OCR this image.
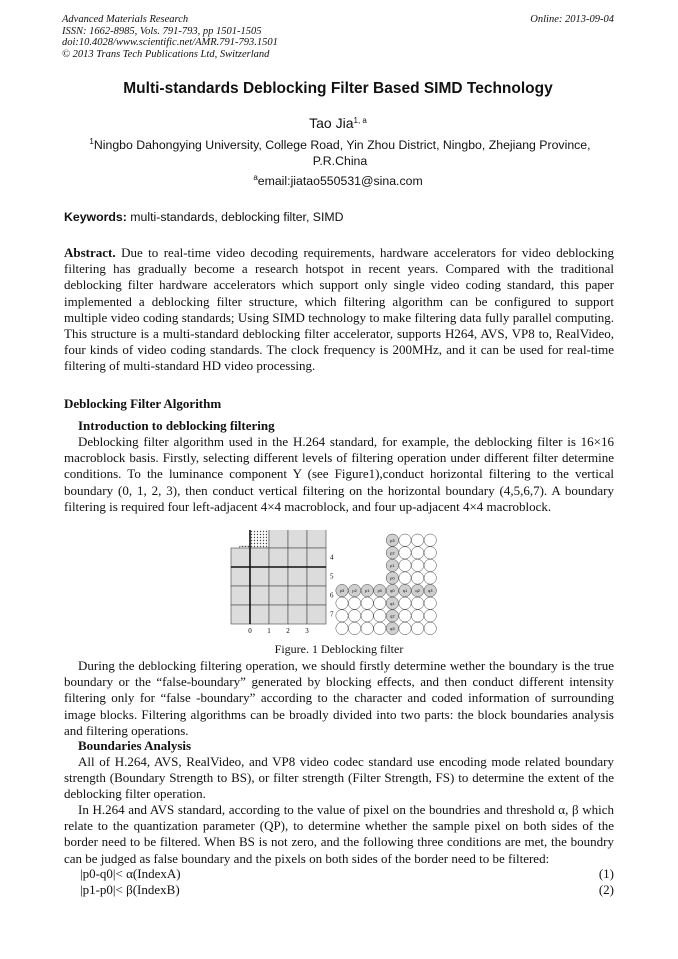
Advanced Materials Research
ISSN: 1662-8985, Vols. 791-793, pp 1501-1505
doi:10.4028/www.scientific.net/AMR.791-793.1501
© 2013 Trans Tech Publications Ltd, Switzerland
Online: 2013-09-04
Multi-standards Deblocking Filter Based SIMD Technology
Tao Jia$^{1, a}$
$^1$Ningbo Dahongying University, College Road, Yin Zhou District, Ningbo, Zhejiang Province,
P.R.China
$^a$email:jiatao550531@sina.com
Keywords: multi-standards, deblocking filter, SIMD

Abstract. Due to real-time video decoding requirements, hardware accelerators for video deblocking filtering has gradually become a research hotspot in recent years. Compared with the traditional deblocking filter hardware accelerators which support only single video coding standard, this paper implemented a deblocking filter structure, which filtering algorithm can be configured to support multiple video coding standards; Using SIMD technology to make filtering data fully parallel computing. This structure is a multi-standard deblocking filter accelerator, supports H264, AVS, VP8 to, RealVideo, four kinds of video coding standards. The clock frequency is 200MHz, and it can be used for real-time filtering of multi-standard HD video processing.

Deblocking Filter Algorithm

Introduction to deblocking filtering

Deblocking filter algorithm used in the H.264 standard, for example, the deblocking filter is 16×16 macroblock basis. Firstly, selecting different levels of filtering operation under different filter determine conditions. To the luminance component Y (see Figure1),conduct horizontal filtering to the vertical boundary (0, 1, 2, 3), then conduct vertical filtering on the horizontal boundary (4,5,6,7). A boundary filtering is required four left-adjacent 4×4 macroblock, and four up-adjacent 4×4 macroblock.

0 1 2 3
4
5
6
7
p3
p2
p1
p0
q1
q2
q3
p3 p2 p1 p0 q0 q1 q2 q3
Figure. 1 Deblocking filter

During the deblocking filtering operation, we should firstly determine wether the boundary is the true boundary or the “false-boundary” generated by blocking effects, and then conduct different intensity filtering only for “false -boundary” according to the character and coded information of surrounding image blocks. Filtering algorithms can be broadly divided into two parts: the block boundaries analysis and filtering operations.

Boundaries Analysis

All of H.264, AVS, RealVideo, and VP8 video codec standard use encoding mode related boundary strength (Boundary Strength to BS), or filter strength (Filter Strength, FS) to determine the extent of the deblocking filter operation.

In H.264 and AVS standard, according to the value of pixel on the boundries and threshold α, β which relate to the quantization parameter (QP), to determine whether the sample pixel on both sides of the border need to be filtered. When BS is not zero, and the following three conditions are met, the boundry can be judged as false boundary and the pixels on both sides of the border need to be filtered:

|p0-q0|< α(IndexA)	(1)
|p1-p0|< β(IndexB)	(2)
